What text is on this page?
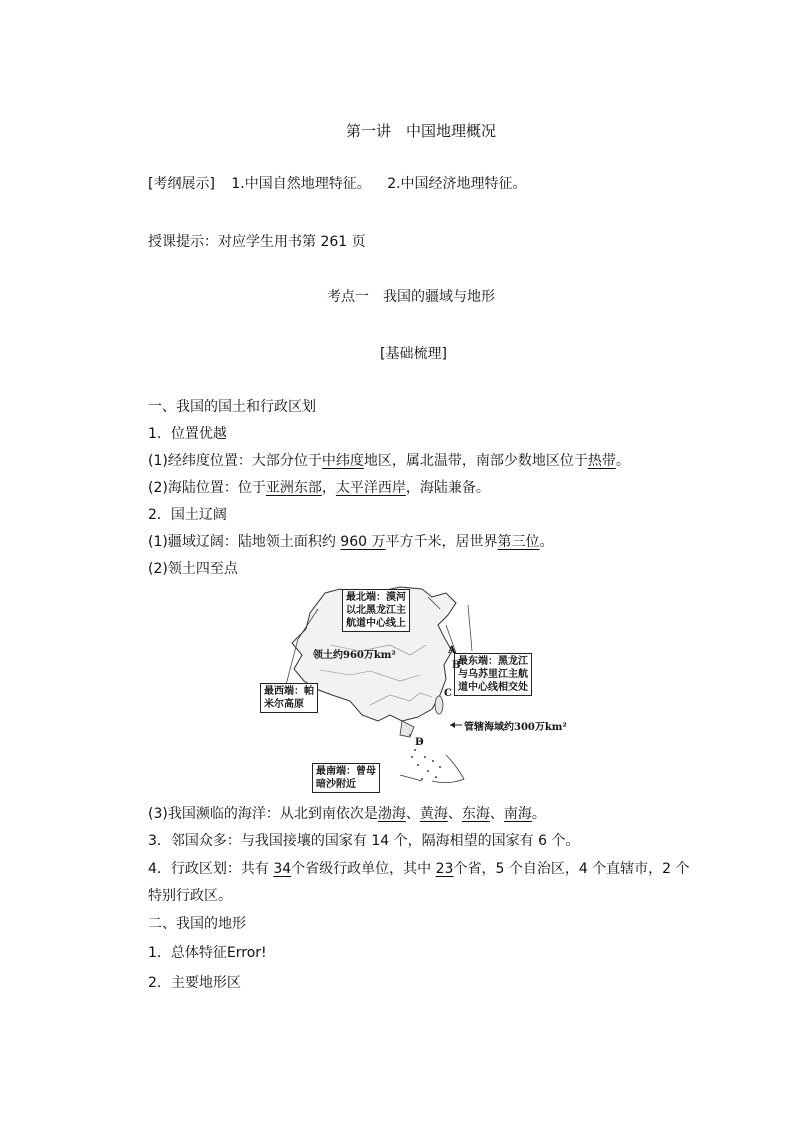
第一讲　中国地理概况
[考纲展示] 1.中国自然地理特征。 2.中国经济地理特征。
授课提示：对应学生用书第 261 页
考点一　我国的疆域与地形
[基础梳理]
一、我国的国土和行政区划
1．位置优越
(1)经纬度位置：大部分位于中纬度地区，属北温带，南部少数地区位于热带。
(2)海陆位置：位于亚洲东部，太平洋西岸，海陆兼备。
2．国土辽阔
(1)疆域辽阔：陆地领土面积约 960 万平方千米，居世界第三位。
(2)领土四至点
最北端：漠河
以北黑龙江主
航道中心线上
最东端：黑龙江
与乌苏里江主航
道中心线相交处
最西端：帕
米尔高原
最南端：曾母
暗沙附近
领土约960万km²
管辖海域约300万km²
A
B
C
D
(3)我国濒临的海洋：从北到南依次是渤海、黄海、东海、南海。
3．邻国众多：与我国接壤的国家有 14 个，隔海相望的国家有 6 个。
4．行政区划：共有 34个省级行政单位，其中 23个省，5 个自治区，4 个直辖市，2 个
特别行政区。
二、我国的地形
1．总体特征Error!
2．主要地形区
